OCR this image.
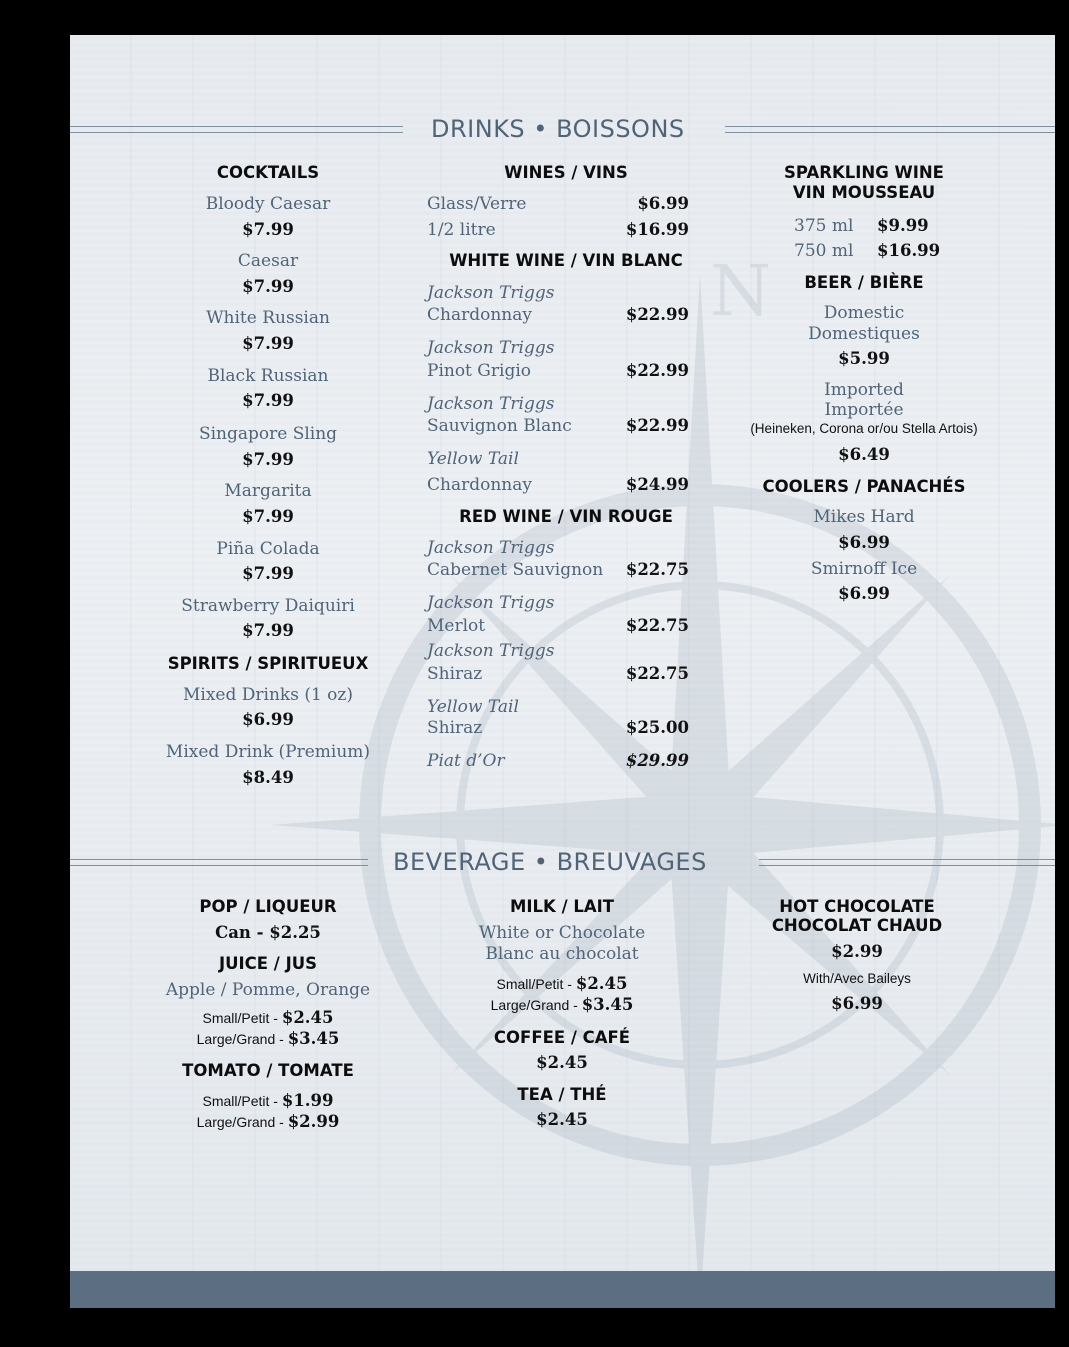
N
DRINKS • BOISSONS
COCKTAILS
Bloody Caesar
$7.99
Caesar
$7.99
White Russian
$7.99
Black Russian
$7.99
Singapore Sling
$7.99
Margarita
$7.99
Piña Colada
$7.99
Strawberry Daiquiri
$7.99
SPIRITS / SPIRITUEUX
Mixed Drinks (1 oz)
$6.99
Mixed Drink (Premium)
$8.49
WINES / VINS
Glass/Verre	$6.99
1/2 litre	$16.99
WHITE WINE / VIN BLANC
Jackson Triggs
Chardonnay	$22.99
Jackson Triggs
Pinot Grigio	$22.99
Jackson Triggs
Sauvignon Blanc	$22.99
Yellow Tail
Chardonnay	$24.99
RED WINE / VIN ROUGE
Jackson Triggs
Cabernet Sauvignon	$22.75
Jackson Triggs
Merlot	$22.75
Jackson Triggs
Shiraz	$22.75
Yellow Tail
Shiraz	$25.00
Piat d’Or	$29.99
SPARKLING WINE
VIN MOUSSEAU
375 ml $9.99
750 ml $16.99
BEER / BIÈRE
Domestic
Domestiques
$5.99
Imported
Importée
(Heineken, Corona or/ou Stella Artois)
$6.49
COOLERS / PANACHÉS
Mikes Hard
$6.99
Smirnoff Ice
$6.99
BEVERAGE • BREUVAGES
POP / LIQUEUR
Can - $2.25
JUICE / JUS
Apple / Pomme, Orange
Small/Petit - $2.45
Large/Grand - $3.45
TOMATO / TOMATE
Small/Petit - $1.99
Large/Grand - $2.99
MILK / LAIT
White or Chocolate
Blanc au chocolat
Small/Petit - $2.45
Large/Grand - $3.45
COFFEE / CAFÉ
$2.45
TEA / THÉ
$2.45
HOT CHOCOLATE
CHOCOLAT CHAUD
$2.99
With/Avec Baileys
$6.99
